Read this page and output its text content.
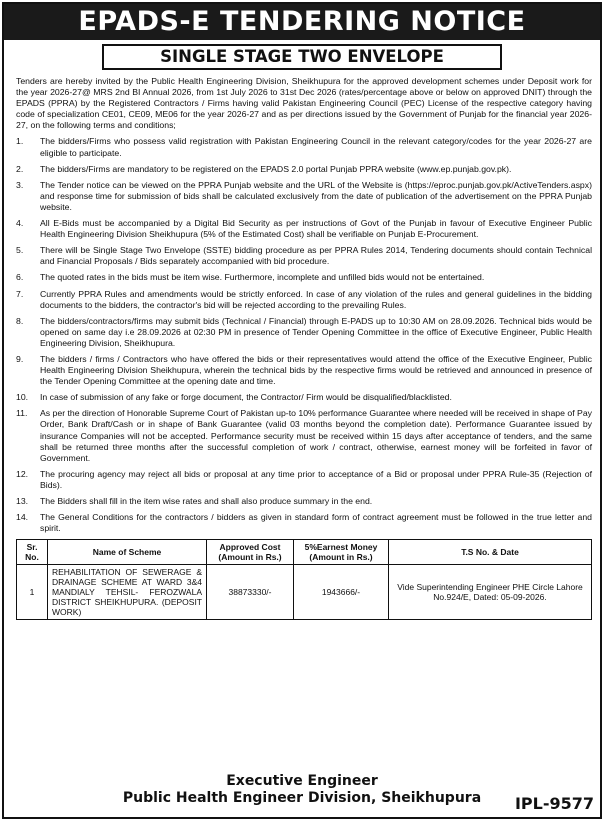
EPADS-E TENDERING NOTICE
SINGLE STAGE TWO ENVELOPE

Tenders are hereby invited by the Public Health Engineering Division, Sheikhupura for the approved development schemes under Deposit work for the year 2026-27@ MRS 2nd BI Annual 2026, from 1st July 2026 to 31st Dec 2026 (rates/percentage above or below on approved DNIT) through the EPADS (PPRA) by the Registered Contractors / Firms having valid Pakistan Engineering Council (PEC) License of the respective category having code of specialization CE01, CE09, ME06 for the year 2026-27 and as per directions issued by the Government of Punjab for the financial year 2026- 27, on the following terms and conditions;

1.	The bidders/Firms who possess valid registration with Pakistan Engineering Council in the relevant category/codes for the year 2026-27 are eligible to participate.
2.	The bidders/Firms are mandatory to be registered on the EPADS 2.0 portal Punjab PPRA website (www.ep.punjab.gov.pk).
3.	The Tender notice can be viewed on the PPRA Punjab website and the URL of the Website is (https://eproc.punjab.gov.pk/ActiveTenders.aspx) and response time for submission of bids shall be calculated exclusively from the date of publication of the advertisement on the PPRA Punjab website.
4.	All E-Bids must be accompanied by a Digital Bid Security as per instructions of Govt of the Punjab in favour of Executive Engineer Public Health Engineering Division Sheikhupura (5% of the Estimated Cost) shall be verifiable on Punjab E-Procurement.
5.	There will be Single Stage Two Envelope (SSTE) bidding procedure as per PPRA Rules 2014, Tendering documents should contain Technical and Financial Proposals / Bids separately accompanied with bid procedure.
6.	The quoted rates in the bids must be item wise. Furthermore, incomplete and unfilled bids would not be entertained.
7.	Currently PPRA Rules and amendments would be strictly enforced. In case of any violation of the rules and general guidelines in the bidding documents to the bidders, the contractor's bid will be rejected according to the prevailing Rules.
8.	The bidders/contractors/firms may submit bids (Technical / Financial) through E-PADS up to 10:30 AM on 28.09.2026. Technical bids would be opened on same day i.e 28.09.2026 at 02:30 PM in presence of Tender Opening Committee in the office of Executive Engineer, Public Health Engineering Division, Sheikhupura.
9.	The bidders / firms / Contractors who have offered the bids or their representatives would attend the office of the Executive Engineer, Public Health Engineering Division Sheikhupura, wherein the technical bids by the respective firms would be retrieved and announced in presence of the Tender Opening Committee at the opening date and time.
10.	In case of submission of any fake or forge document, the Contractor/ Firm would be disqualified/blacklisted.
11.	As per the direction of Honorable Supreme Court of Pakistan up-to 10% performance Guarantee where needed will be received in shape of Pay Order, Bank Draft/Cash or in shape of Bank Guarantee (valid 03 months beyond the completion date). Performance Guarantee issued by insurance Companies will not be accepted. Performance security must be received within 15 days after acceptance of tenders, and the same shall be returned three months after the successful completion of work / contract, otherwise, earnest money will be forfeited in favor of Government.
12.	The procuring agency may reject all bids or proposal at any time prior to acceptance of a Bid or proposal under PPRA Rule-35 (Rejection of Bids).
13.	The Bidders shall fill in the item wise rates and shall also produce summary in the end.
14.	The General Conditions for the contractors / bidders as given in standard form of contract agreement must be followed in the true letter and spirit.
Sr. No.	Name of Scheme	Approved Cost (Amount in Rs.)	5%Earnest Money (Amount in Rs.)	T.S No. & Date
1	REHABILITATION OF SEWERAGE & DRAINAGE SCHEME AT WARD 3&4 MANDIALY TEHSIL- FEROZWALA DISTRICT SHEIKHUPURA. (DEPOSIT WORK)	38873330/-	1943666/-	Vide Superintending Engineer PHE Circle Lahore No.924/E, Dated: 05-09-2026.
Executive Engineer
Public Health Engineer Division, Sheikhupura	IPL-9577
